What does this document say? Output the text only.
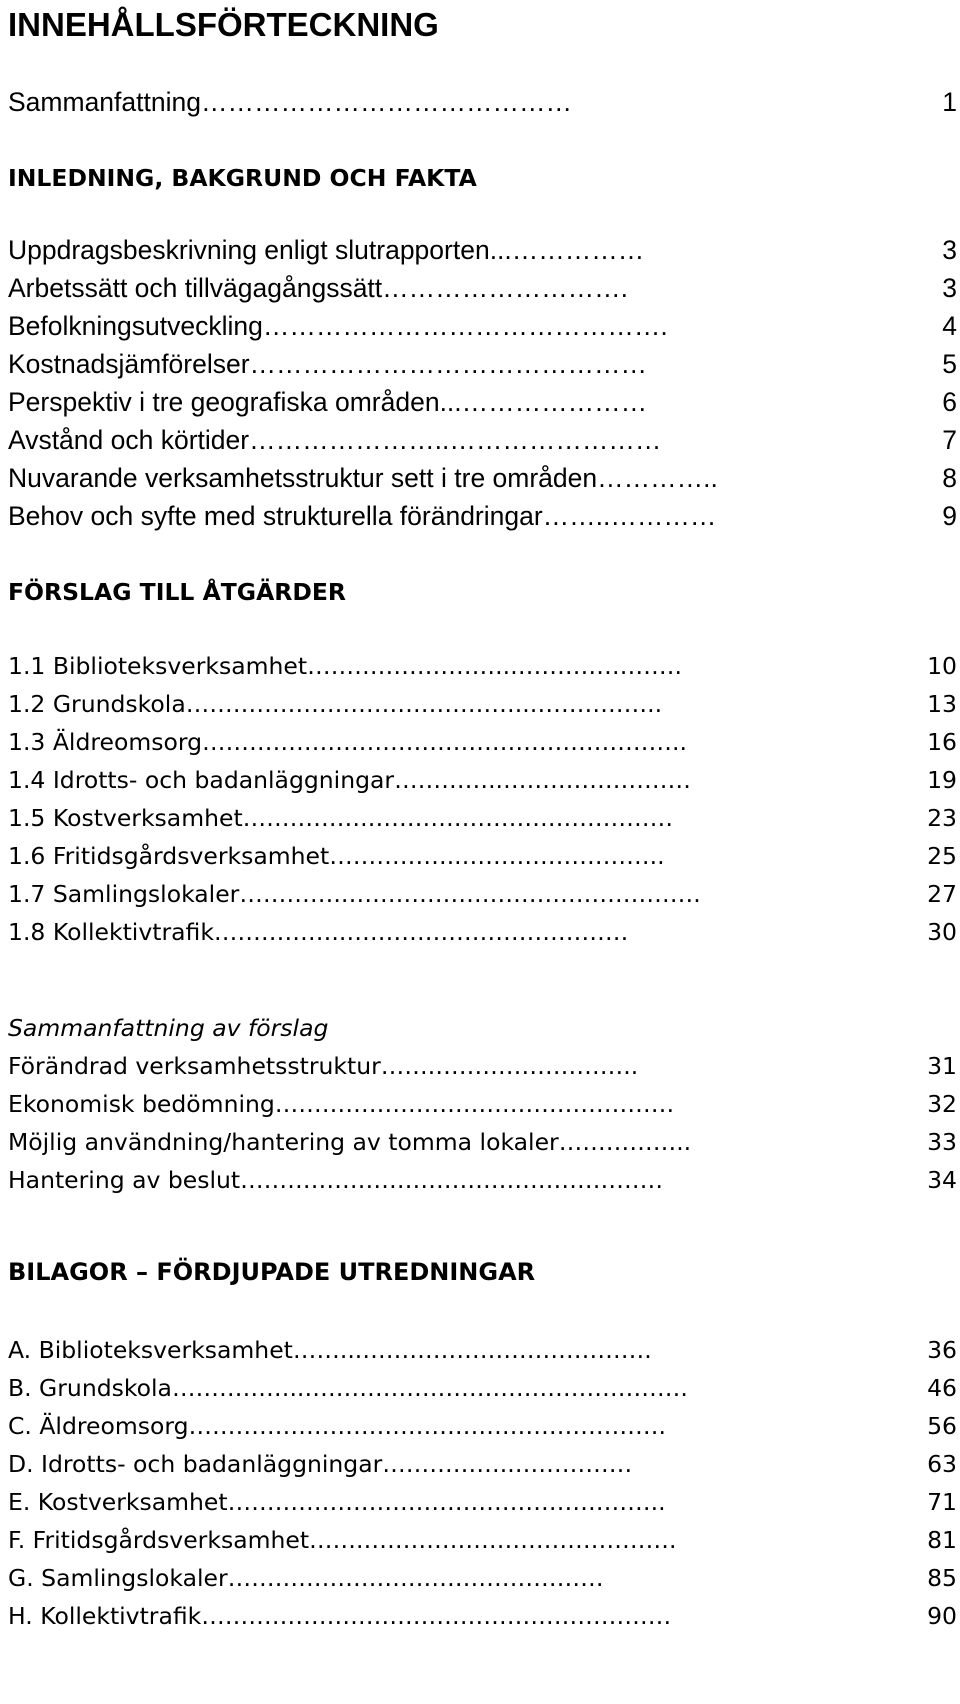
INNEHÅLLSFÖRTECKNING
Sammanfattning……………………………………	1
INLEDNING, BAKGRUND OCH FAKTA
Uppdragsbeskrivning enligt slutrapporten...……………	3
Arbetssätt och tillvägagångssätt……………………….	3
Befolkningsutveckling……………………………………….	4
Kostnadsjämförelser………………………………………	5
Perspektiv i tre geografiska områden...…………………	6
Avstånd och körtider…………………..……………………	7
Nuvarande verksamhetsstruktur sett i tre områden…………..	8
Behov och syfte med strukturella förändringar……..…………	9
FÖRSLAG TILL ÅTGÄRDER
1.1 Biblioteksverksamhet……………………..………………….	10
1.2 Grundskola……………………………………..……………..	13
1.3 Äldreomsorg……………………………………………………..	16
1.4 Idrotts- och badanläggningar…………..……………………	19
1.5 Kostverksamhet…………….…………………………………	23
1.6 Fritidsgårdsverksamhet……………..……………………..	25
1.7 Samlingslokaler………….……………………………………….	27
1.8 Kollektivtrafik……………..………………………………	30
Sammanfattning av förslag
Förändrad verksamhetsstruktur…….……………………..	31
Ekonomisk bedömning……………………………………………	32
Möjlig användning/hantering av tomma lokaler……………..	33
Hantering av beslut………………………………………………	34
BILAGOR – FÖRDJUPADE UTREDNINGAR
A. Biblioteksverksamhet……...……………………………….	36
B. Grundskola……………..………………………………………….	46
C. Äldreomsorg…………………………………………………….	56
D. Idrotts- och badanläggningar……………..……………	63
E. Kostverksamhet………………………………………………..	71
F. Fritidsgårdsverksamhet…….………………………………….	81
G. Samlingslokaler…………………………………………	85
H. Kollektivtrafik……………………………………………………	90
